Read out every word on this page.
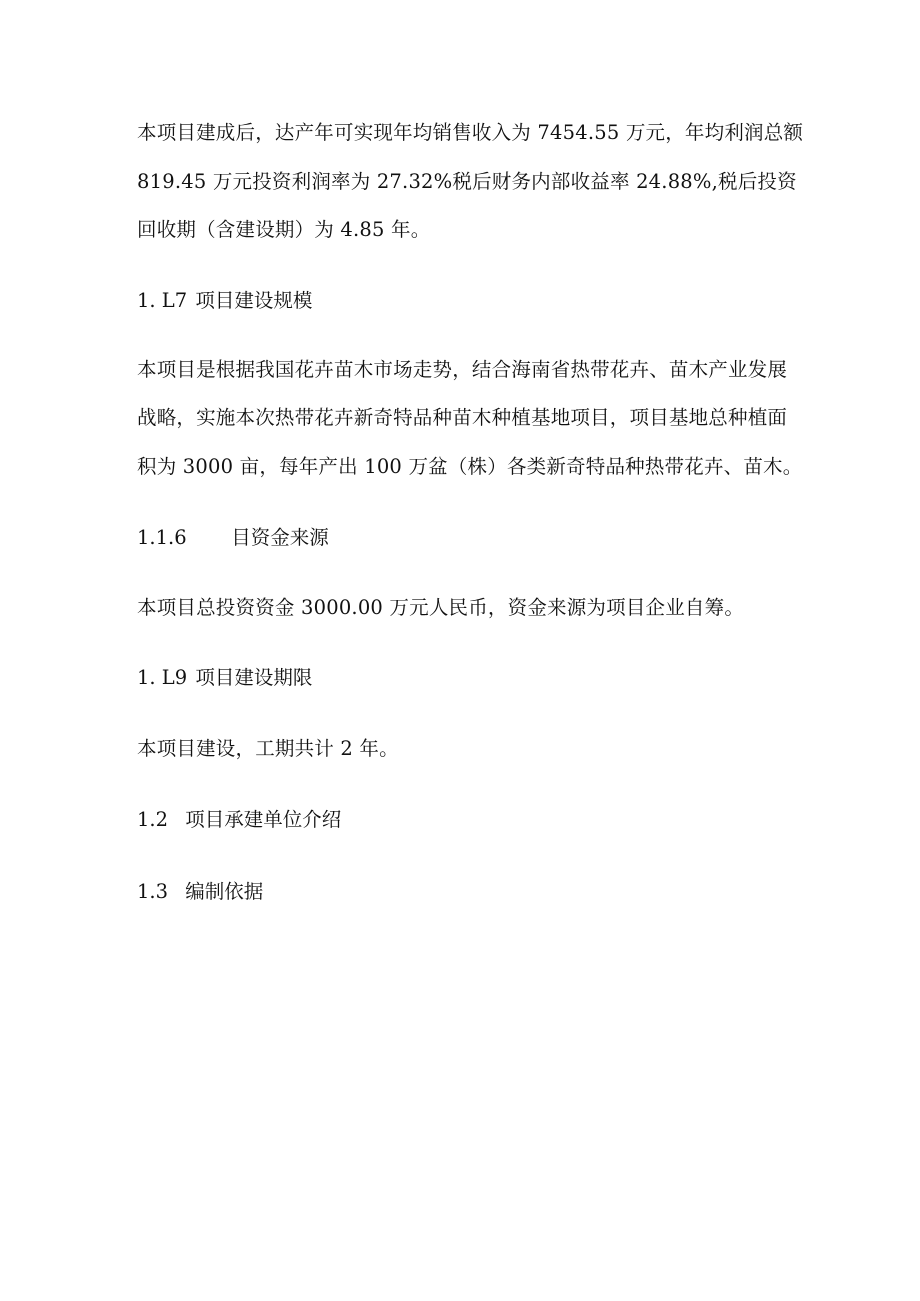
本项目建成后，达产年可实现年均销售收入为 7454.55 万元，年均利润总额

819.45 万元投资利润率为 27.32%税后财务内部收益率 24.88%,税后投资

回收期（含建设期）为 4.85 年。

1. L7 项目建设规模

本项目是根据我国花卉苗木市场走势，结合海南省热带花卉、苗木产业发展

战略，实施本次热带花卉新奇特品种苗木种植基地项目，项目基地总种植面

积为 3000 亩，每年产出 100 万盆（株）各类新奇特品种热带花卉、苗木。

1.1.6 目资金来源

本项目总投资资金 3000.00 万元人民币，资金来源为项目企业自筹。

1. L9 项目建设期限

本项目建设，工期共计 2 年。

1.2 项目承建单位介绍

1.3 编制依据
